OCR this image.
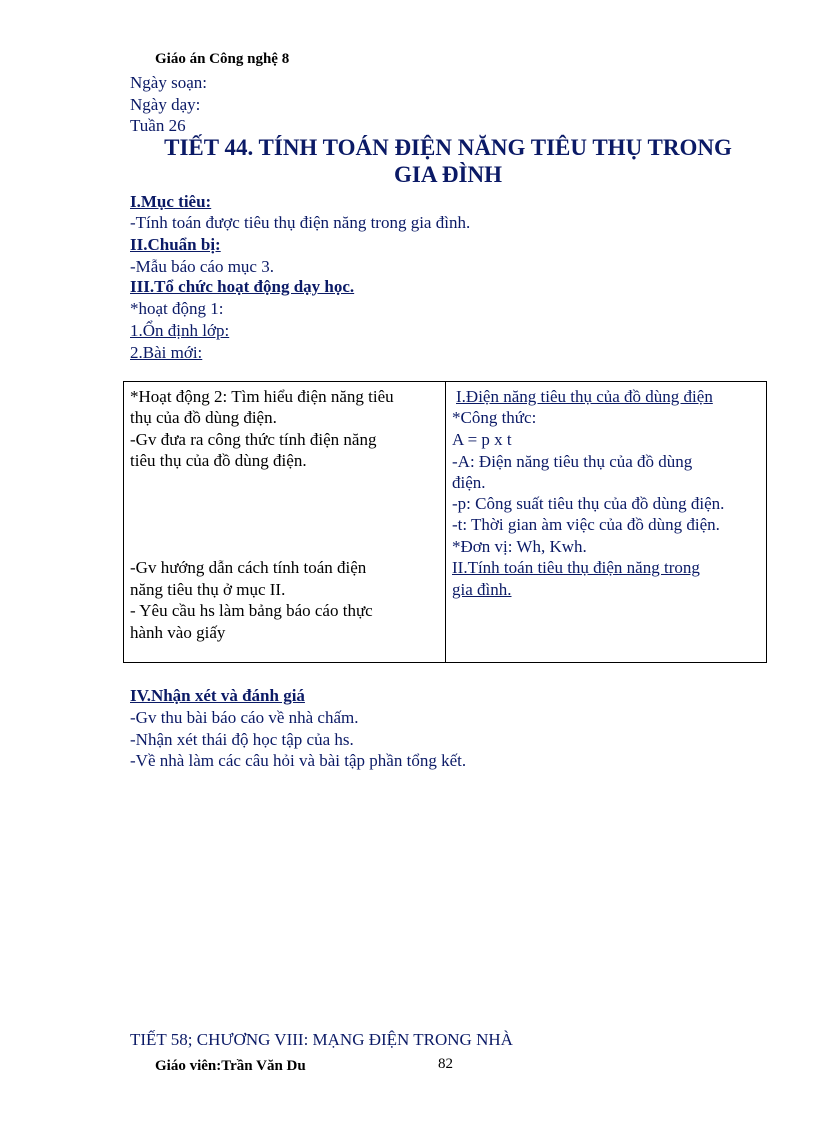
Giáo án Công nghệ 8
Ngày soạn:
Ngày dạy:
Tuần 26
TIẾT 44. TÍNH TOÁN ĐIỆN NĂNG TIÊU THỤ TRONG
GIA ĐÌNH
I.Mục tiêu:
-Tính toán được tiêu thụ điện năng trong gia đình.
II.Chuẩn bị:
-Mẫu báo cáo mục 3.
III.Tổ chức hoạt động dạy học.
*hoạt động 1:
1.Ổn định lớp:
2.Bài mới:
*Hoạt động 2: Tìm hiểu điện năng tiêu
thụ của đồ dùng điện.
-Gv đưa ra công thức tính điện năng
tiêu thụ của đồ dùng điện.
-Gv hướng dẫn cách tính toán điện
năng tiêu thụ ở mục II.
- Yêu cầu hs làm bảng báo cáo thực
hành vào giấy

I.Điện năng tiêu thụ của đồ dùng điện
*Công thức:
A = p x t
-A: Điện năng tiêu thụ của đồ dùng
điện.
-p: Công suất tiêu thụ của đồ dùng điện.
-t: Thời gian àm việc của đồ dùng điện.
*Đơn vị: Wh, Kwh.
II.Tính toán tiêu thụ điện năng trong
gia đình.
IV.Nhận xét và đánh giá
-Gv thu bài báo cáo về nhà chấm.
-Nhận xét thái độ học tập của hs.
-Về nhà làm các câu hỏi và bài tập phần tổng kết.
TIẾT 58; CHƯƠNG VIII: MẠNG ĐIỆN TRONG NHÀ
Giáo viên:Trần Văn Du	82
